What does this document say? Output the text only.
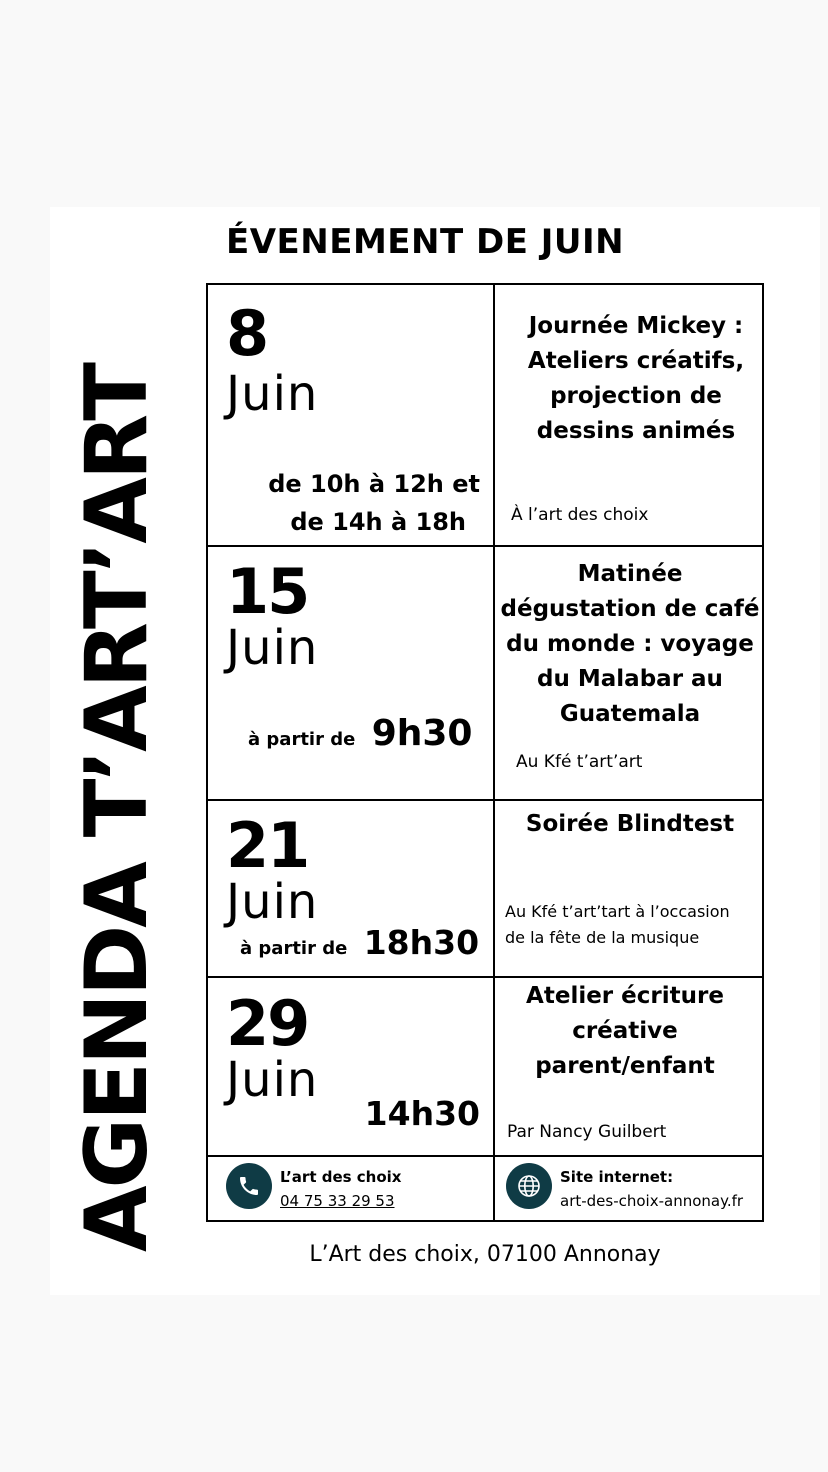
AGENDA T’ART’ART
ÉVENEMENT DE JUIN
8
Juin
de 10h à 12h et
de 14h à 18h
Journée Mickey :
Ateliers créatifs,
projection de
dessins animés
À l’art des choix
15
Juin
à partir de 9h30
Matinée
dégustation de café
du monde : voyage
du Malabar au
Guatemala
Au Kfé t’art’art
21
Juin
à partir de 18h30
Soirée Blindtest
Au Kfé t’art’tart à l’occasion
de la fête de la musique
29
Juin
14h30
Atelier écriture
créative
parent/enfant
Par Nancy Guilbert
L’art des choix
04 75 33 29 53
Site internet:
art-des-choix-annonay.fr
L’Art des choix, 07100 Annonay
